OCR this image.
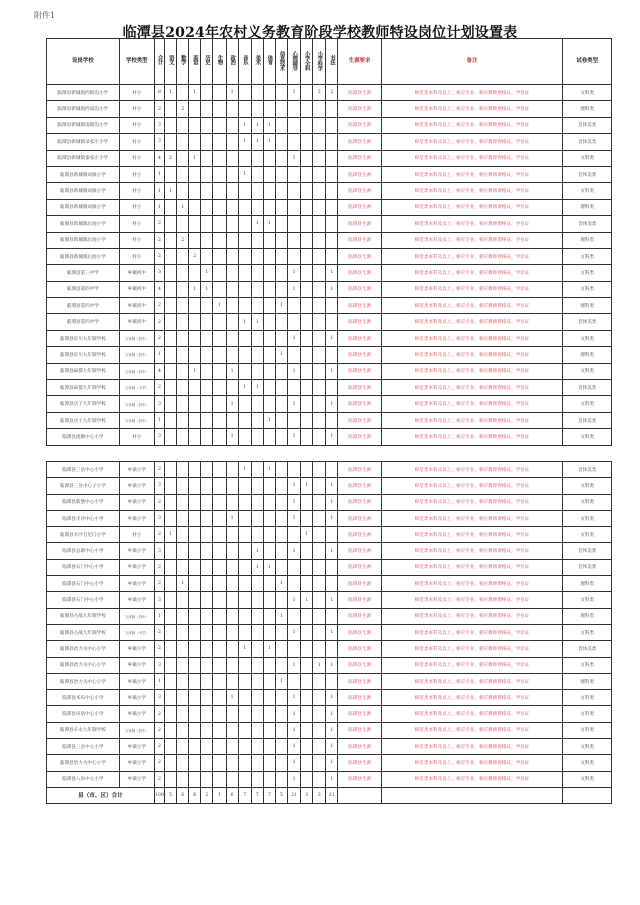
附件1
临潭县2024年农村义务教育阶段学校教师特设岗位计划设置表
设岗学校	学校类型	合计	语文	数学	英语	历史	生物	政治	音乐	美术	体育	信息技术	心理辅导	小学全科	小学科学	书法	生源要求	备注	试卷类型
临潭县新城镇西街沟小学	村小	8	1		1			1					1		2	2	临潭县生源	师范类本科及以上，相应专业，相应教师资格证，学位证	文科类
临潭县新城镇西南沟小学	村小	2		2													临潭县生源	师范类本科及以上，相应专业，相应教师资格证，学位证	理科类
临潭县新城镇南街沟小学	村小	3							1	1	1						临潭县生源	师范类本科及以上，相应专业，相应教师资格证，学位证	音体美类
临潭县新城镇录家庄小学	村小	3							1	1	1						临潭县生源	师范类本科及以上，相应专业，相应教师资格证，学位证	音体美类
临潭县新城镇秦家庄小学	村小	4	2		1								1				临潭县生源	师范类本科及以上，相应专业，相应教师资格证，学位证	文科类
临潭县新城镇刘旗小学	村小	1							1								临潭县生源	师范类本科及以上，相应专业，相应教师资格证，学位证	音体美类
临潭县新城镇刘旗小学	村小	1	1														临潭县生源	师范类本科及以上，相应专业，相应教师资格证，学位证	文科类
临潭县新城镇刘旗小学	村小	1		1													临潭县生源	师范类本科及以上，相应专业，相应教师资格证，学位证	理科类
临潭县新城镇后池小学	村小	2								1	1						临潭县生源	师范类本科及以上，相应专业，相应教师资格证，学位证	音体美类
临潭县新城镇后池小学	村小	2		2													临潭县生源	师范类本科及以上，相应专业，相应教师资格证，学位证	理科类
临潭县新城镇后池小学	村小	2			2												临潭县生源	师范类本科及以上，相应专业，相应教师资格证，学位证	文科类
临潭县第三中学	乡镇初中	3				1							1			1	临潭县生源	师范类本科及以上，相应专业，相应教师资格证，学位证	文科类
临潭县第四中学	乡镇初中	4			1	1							1			1	临潭县生源	师范类本科及以上，相应专业，相应教师资格证，学位证	文科类
临潭县第四中学	乡镇初中	2					1					1					临潭县生源	师范类本科及以上，相应专业，相应教师资格证，学位证	理科类
临潭县第四中学	乡镇初中	2							1	1							临潭县生源	师范类本科及以上，相应专业，相应教师资格证，学位证	音体美类
临潭县长川九年制学校	九年制（初中）	2											1			1	临潭县生源	师范类本科及以上，相应专业，相应教师资格证，学位证	文科类
临潭县长川九年制学校	九年制（初中）	1										1					临潭县生源	师范类本科及以上，相应专业，相应教师资格证，学位证	理科类
临潭县扁都九年制学校	九年制（初中）	4			1			1					1			1	临潭县生源	师范类本科及以上，相应专业，相应教师资格证，学位证	文科类
临潭县扁都九年制学校	九年制（小学）	2							1	1							临潭县生源	师范类本科及以上，相应专业，相应教师资格证，学位证	音体美类
临潭县店子九年制学校	九年制（初中）	3						1					1			1	临潭县生源	师范类本科及以上，相应专业，相应教师资格证，学位证	文科类
临潭县店子九年制学校	九年制（初中）	1									1						临潭县生源	师范类本科及以上，相应专业，相应教师资格证，学位证	音体美类
临潭县流顺中心小学	村小	3						1					1			1	临潭县生源	师范类本科及以上，相应专业，相应教师资格证，学位证	文科类
临潭县三岔中心小学	乡镇小学	2							1		1						临潭县生源	师范类本科及以上，相应专业，相应教师资格证，学位证	音体美类
临潭县三岔中心子小学	乡镇小学	3											1	1		1	临潭县生源	师范类本科及以上，相应专业，相应教师资格证，学位证	文科类
临潭县新堡中心小学	乡镇小学	2											1			1	临潭县生源	师范类本科及以上，相应专业，相应教师资格证，学位证	文科类
临潭县羊沙中心小学	乡镇小学	3						1					1			1	临潭县生源	师范类本科及以上，相应专业，相应教师资格证，学位证	文科类
临潭县羊沙甘尼门小学	村小	2	1											1			临潭县生源	师范类本科及以上，相应专业，相应教师资格证，学位证	文科类
临潭县总寨中心小学	乡镇小学	3								1			1			1	临潭县生源	师范类本科及以上，相应专业，相应教师资格证，学位证	音体美类
临潭县石门中心小学	乡镇小学	2								1	1						临潭县生源	师范类本科及以上，相应专业，相应教师资格证，学位证	音体美类
临潭县石门中心小学	乡镇小学	2		1								1					临潭县生源	师范类本科及以上，相应专业，相应教师资格证，学位证	理科类
临潭县石门中心小学	乡镇小学	3											1	1		1	临潭县生源	师范类本科及以上，相应专业，相应教师资格证，学位证	文科类
临潭县古战九年制学校	九年制（初中）	1										1					临潭县生源	师范类本科及以上，相应专业，相应教师资格证，学位证	理科类
临潭县古战九年制学校	九年制（小学）	2											1			1	临潭县生源	师范类本科及以上，相应专业，相应教师资格证，学位证	文科类
临潭县冶力关中心小学	乡镇小学	2							1		1						临潭县生源	师范类本科及以上，相应专业，相应教师资格证，学位证	音体美类
临潭县冶力关中心小学	乡镇小学	3											1		1	1	临潭县生源	师范类本科及以上，相应专业，相应教师资格证，学位证	文科类
临潭县冶力关中心小学	乡镇小学	1										1					临潭县生源	师范类本科及以上，相应专业，相应教师资格证，学位证	理科类
临潭县术布中心小学	乡镇小学	3						1					1			1	临潭县生源	师范类本科及以上，相应专业，相应教师资格证，学位证	文科类
临潭县卓洛中心小学	乡镇小学	2											1			1	临潭县生源	师范类本科及以上，相应专业，相应教师资格证，学位证	文科类
临潭县羊永九年制学校	九年制（初中）	2											1			1	临潭县生源	师范类本科及以上，相应专业，相应教师资格证，学位证	文科类
临潭县三岔中心小学	乡镇小学	2											1			1	临潭县生源	师范类本科及以上，相应专业，相应教师资格证，学位证	文科类
临潭县冶力关中心小学	乡镇小学	2											1			1	临潭县生源	师范类本科及以上，相应专业，相应教师资格证，学位证	文科类
临潭县八角中心小学	乡镇小学	2											1			1	临潭县生源	师范类本科及以上，相应专业，相应教师资格证，学位证	文科类
县（市、区）合计		100	5	6	6	2	1	6	7	7	7	5	21	3	3	21			
